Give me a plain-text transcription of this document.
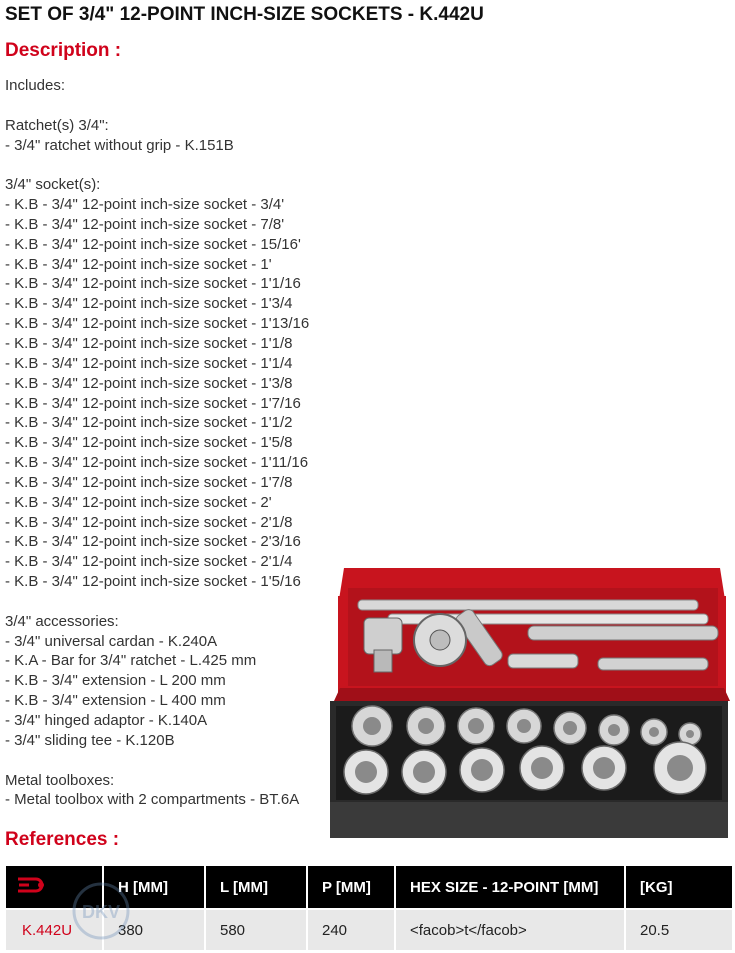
SET OF 3/4" 12-POINT INCH-SIZE SOCKETS - K.442U
Description :
Includes:
Ratchet(s) 3/4":
- 3/4" ratchet without grip - K.151B
3/4" socket(s):
- K.B - 3/4" 12-point inch-size socket - 3/4'
- K.B - 3/4" 12-point inch-size socket - 7/8'
- K.B - 3/4" 12-point inch-size socket - 15/16'
- K.B - 3/4" 12-point inch-size socket - 1'
- K.B - 3/4" 12-point inch-size socket - 1'1/16
- K.B - 3/4" 12-point inch-size socket - 1'3/4
- K.B - 3/4" 12-point inch-size socket - 1'13/16
- K.B - 3/4" 12-point inch-size socket - 1'1/8
- K.B - 3/4" 12-point inch-size socket - 1'1/4
- K.B - 3/4" 12-point inch-size socket - 1'3/8
- K.B - 3/4" 12-point inch-size socket - 1'7/16
- K.B - 3/4" 12-point inch-size socket - 1'1/2
- K.B - 3/4" 12-point inch-size socket - 1'5/8
- K.B - 3/4" 12-point inch-size socket - 1'11/16
- K.B - 3/4" 12-point inch-size socket - 1'7/8
- K.B - 3/4" 12-point inch-size socket - 2'
- K.B - 3/4" 12-point inch-size socket - 2'1/8
- K.B - 3/4" 12-point inch-size socket - 2'3/16
- K.B - 3/4" 12-point inch-size socket - 2'1/4
- K.B - 3/4" 12-point inch-size socket - 1'5/16
3/4" accessories:
- 3/4" universal cardan - K.240A
- K.A - Bar for 3/4" ratchet - L.425 mm
- K.B - 3/4" extension - L 200 mm
- K.B - 3/4" extension - L 400 mm
- 3/4" hinged adaptor - K.140A
- 3/4" sliding tee - K.120B
Metal toolboxes:
- Metal toolbox with 2 compartments - BT.6A
References :
	H [MM]	L [MM]	P [MM]	HEX SIZE - 12-POINT [MM]	[KG]
K.442U	380	580	240	<facob>t</facob>	20.5
DKV
